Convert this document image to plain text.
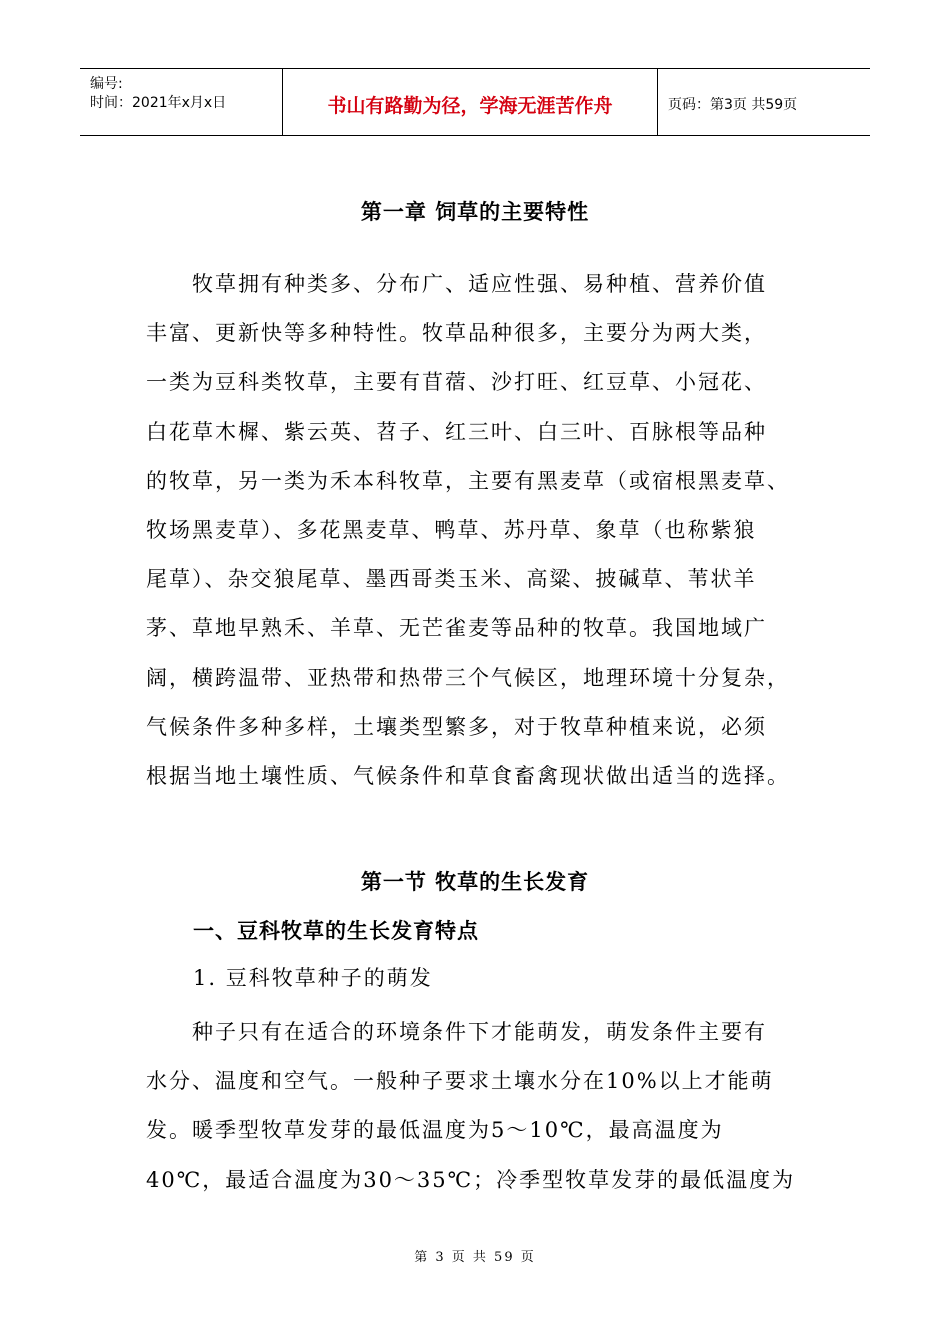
编号:
时间：2021年x月x日	书山有路勤为径，学海无涯苦作舟	页码：第3页 共59页
第一章 饲草的主要特性
　　牧草拥有种类多、分布广、适应性强、易种植、营养价值
丰富、更新快等多种特性。牧草品种很多，主要分为两大类，
一类为豆科类牧草，主要有苜蓿、沙打旺、红豆草、小冠花、
白花草木樨、紫云英、苕子、红三叶、白三叶、百脉根等品种
的牧草，另一类为禾本科牧草，主要有黑麦草（或宿根黑麦草、
牧场黑麦草）、多花黑麦草、鸭草、苏丹草、象草（也称紫狼
尾草）、杂交狼尾草、墨西哥类玉米、高粱、披碱草、苇状羊
茅、草地早熟禾、羊草、无芒雀麦等品种的牧草。我国地域广
阔，横跨温带、亚热带和热带三个气候区，地理环境十分复杂，
气候条件多种多样，土壤类型繁多，对于牧草种植来说，必须
根据当地土壤性质、气候条件和草食畜禽现状做出适当的选择。
第一节 牧草的生长发育
一、豆科牧草的生长发育特点
1. 豆科牧草种子的萌发
　　种子只有在适合的环境条件下才能萌发，萌发条件主要有
水分、温度和空气。一般种子要求土壤水分在10%以上才能萌
发。暖季型牧草发芽的最低温度为5～10℃，最高温度为
40℃，最适合温度为30～35℃；冷季型牧草发芽的最低温度为
第 3 页 共 59 页
